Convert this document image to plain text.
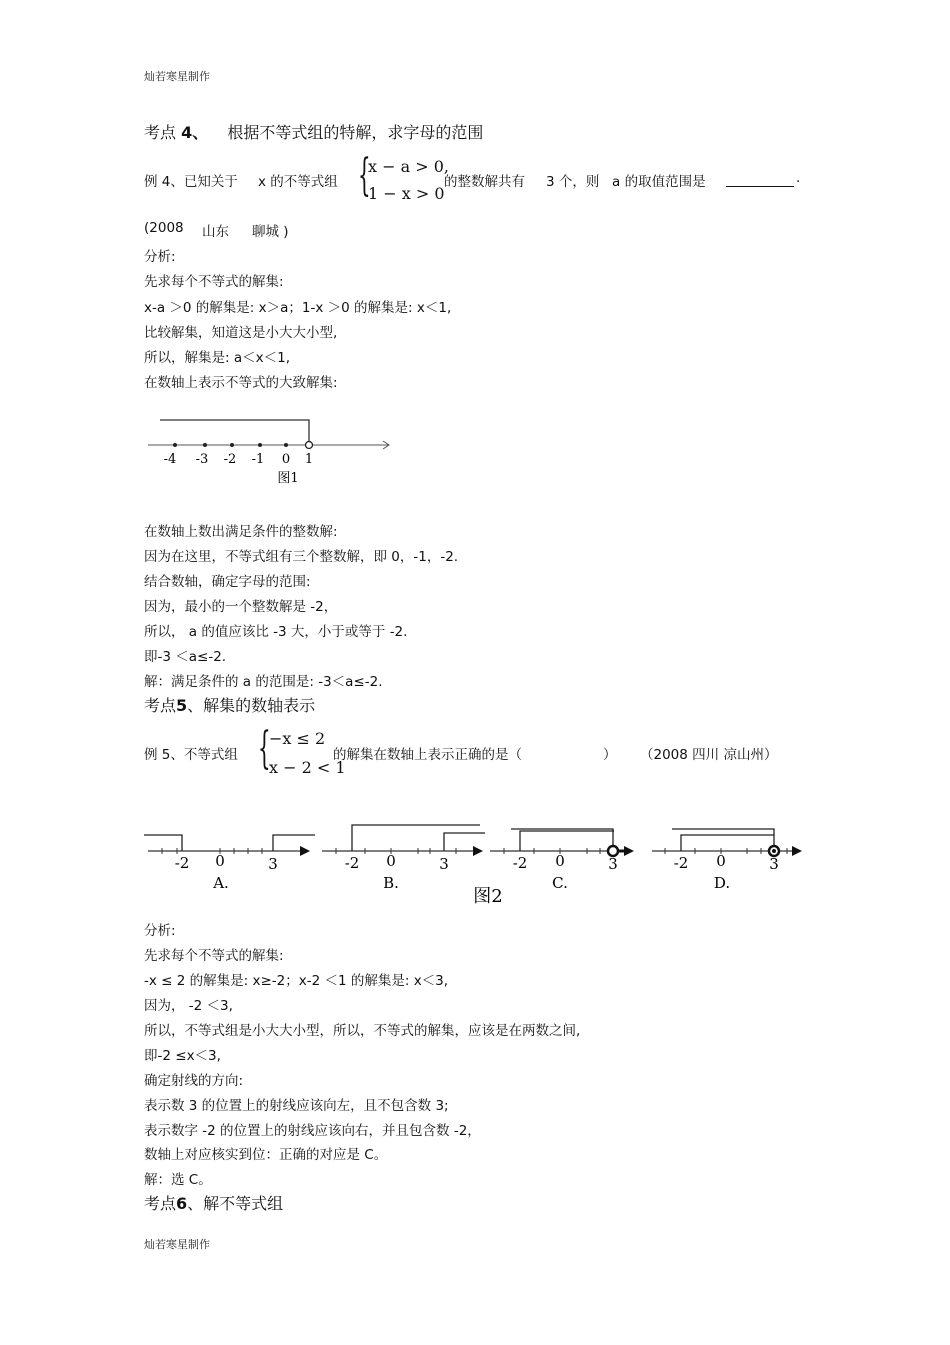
灿若寒星制作
考点 4、 根据不等式组的特解，求字母的范围
例 4、已知关于 x 的不等式组 {
x − a > 0,
1 − x > 0
的整数解共有 3 个，则 a 的取值范围是	.
(2008 山东 聊城 )
分析:
先求每个不等式的解集:
x-a ＞0 的解集是: x＞a；1-x ＞0 的解集是: x＜1,
比较解集，知道这是小大大小型,
所以，解集是: a＜x＜1,
在数轴上表示不等式的大致解集:
-4 -3 -2 -1 0 1
图1
在数轴上数出满足条件的整数解:
因为在这里，不等式组有三个整数解，即 0，-1，-2.
结合数轴，确定字母的范围:
因为，最小的一个整数解是 -2，
所以， a 的值应该比 -3 大，小于或等于 -2.
即-3 ＜a≤-2.
解：满足条件的 a 的范围是: -3＜a≤-2.
考点5、解集的数轴表示
例 5、不等式组 {
−x ≤ 2
x − 2 < 1
的解集在数轴上表示正确的是（	） （2008 四川 凉山州）
-2 0	3
A.
-2 0	3
B.
-2 0	3
C.
图2
-2 0	3
D.
分析:
先求每个不等式的解集:
-x ≤ 2 的解集是: x≥-2；x-2 ＜1 的解集是: x＜3,
因为， -2 ＜3,
所以，不等式组是小大大小型，所以，不等式的解集，应该是在两数之间,
即-2 ≤x＜3,
确定射线的方向:
表示数 3 的位置上的射线应该向左，且不包含数 3;
表示数字 -2 的位置上的射线应该向右，并且包含数 -2，
数轴上对应核实到位：正确的对应是 C。
解：选 C。
考点6、解不等式组
灿若寒星制作
